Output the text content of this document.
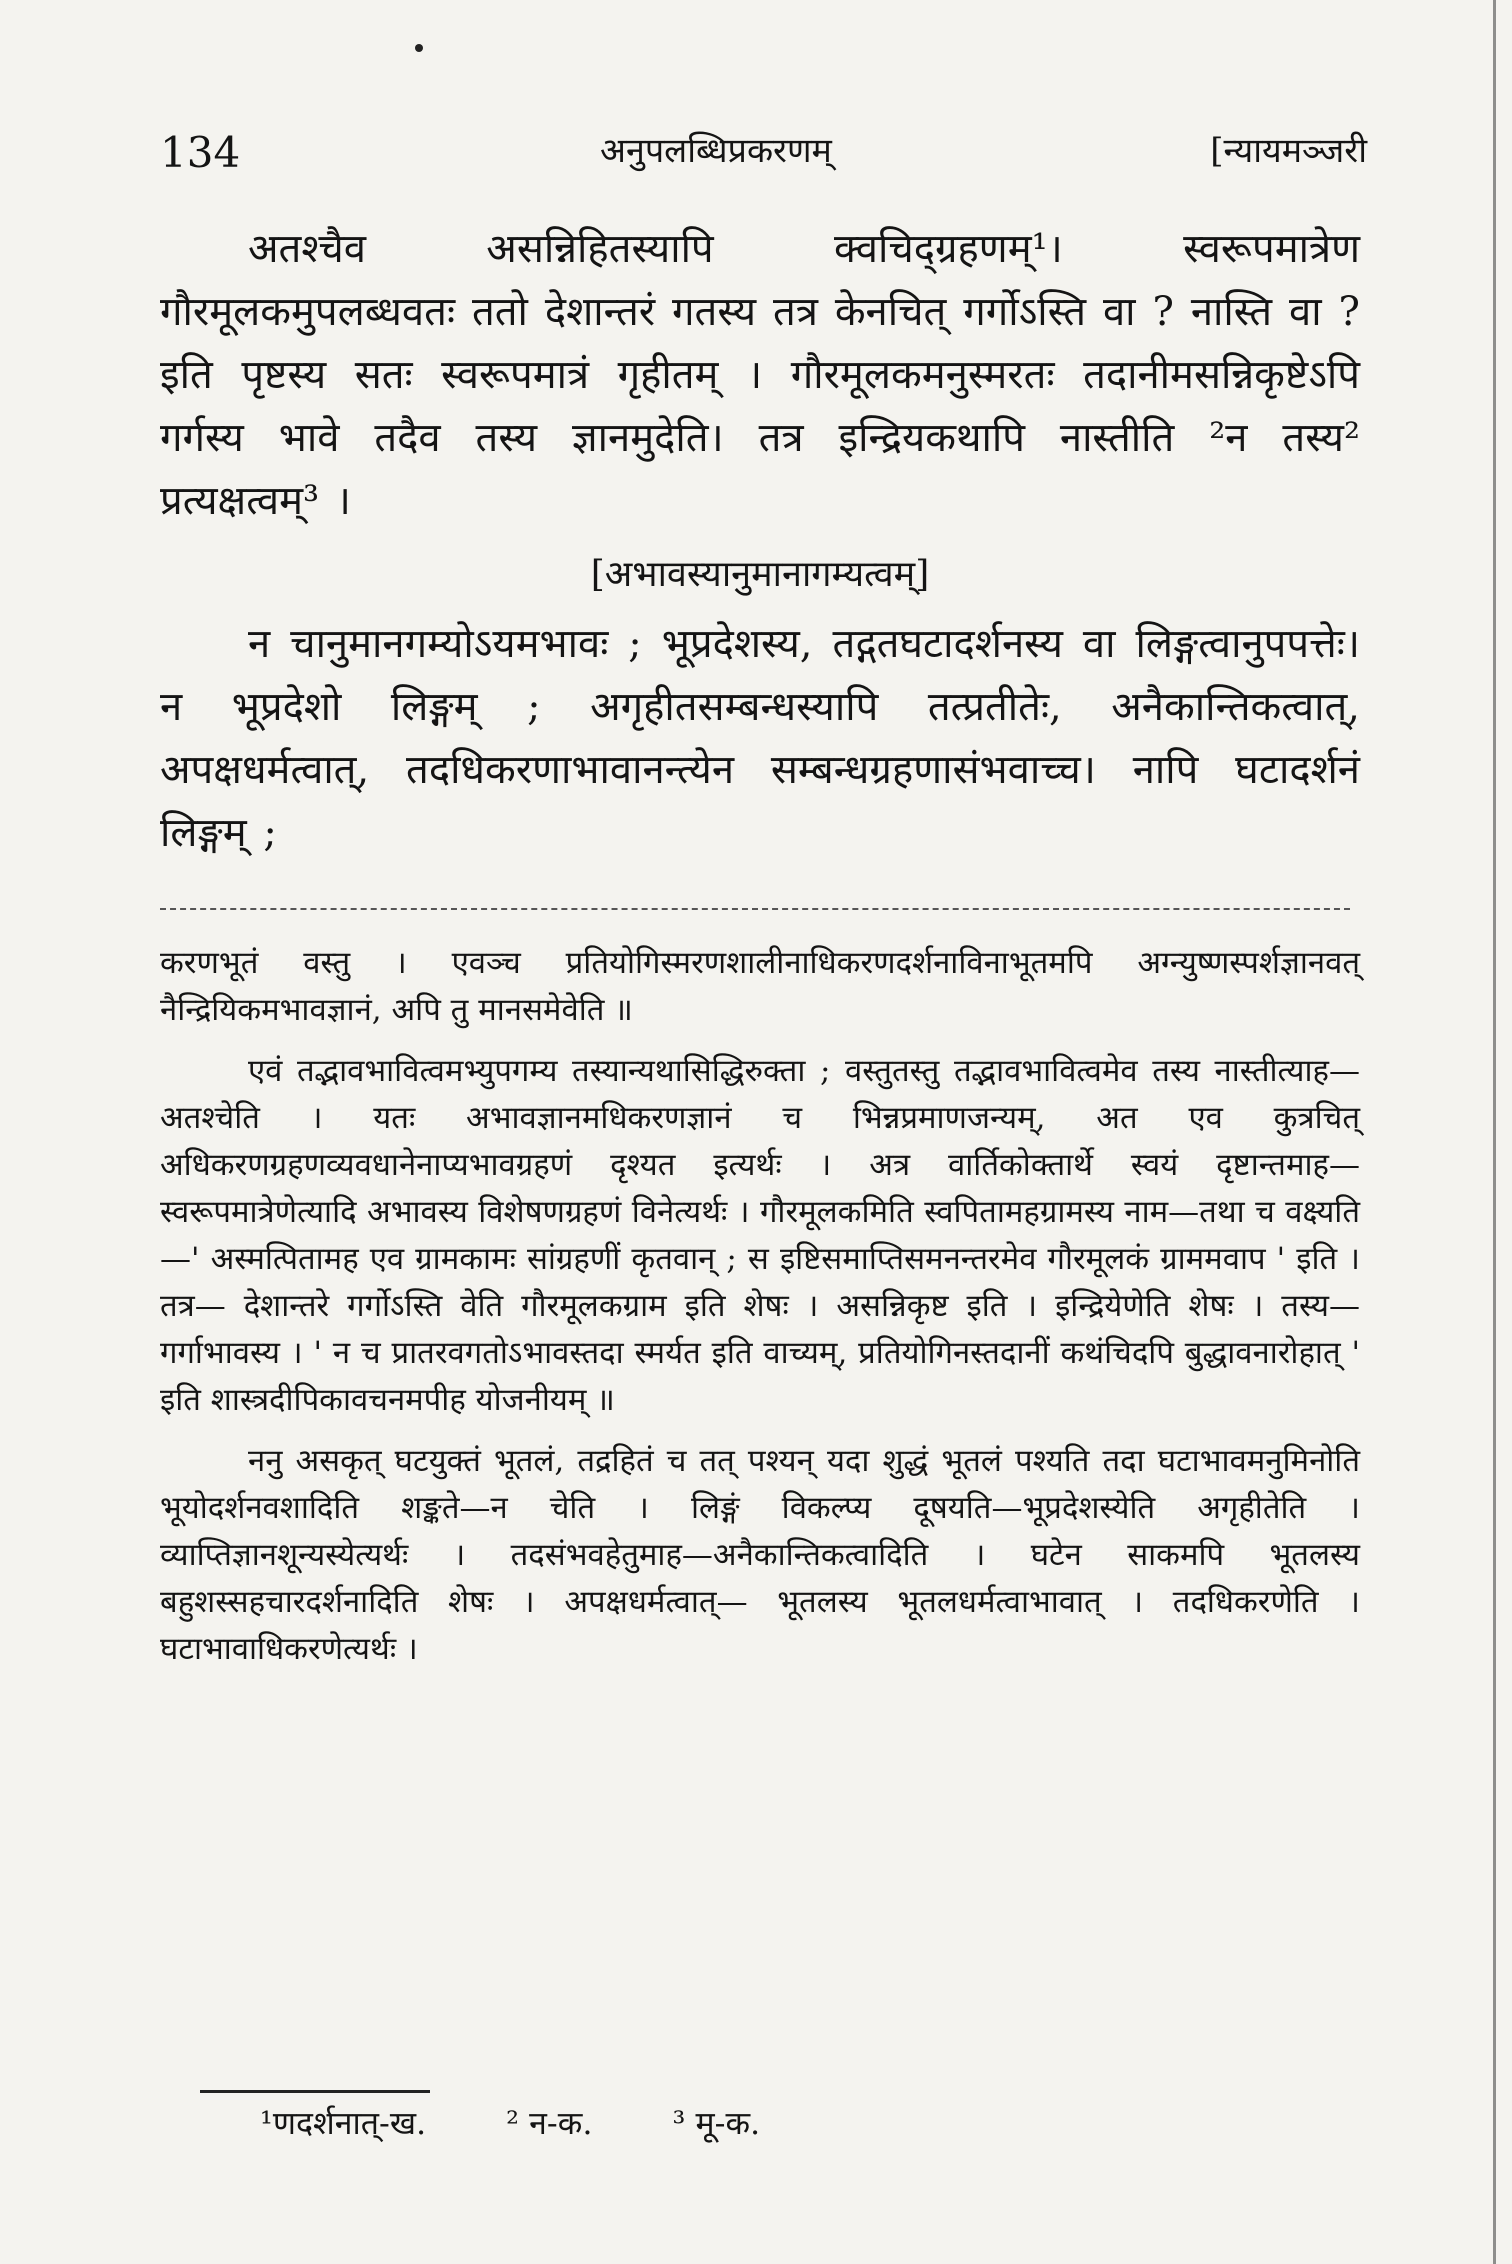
134	अनुपलब्धिप्रकरणम्	[न्यायमञ्जरी

अतश्चैव असन्निहितस्यापि क्वचिद्ग्रहणम्¹। स्वरूपमात्रेण गौरमूलकमुपलब्धवतः ततो देशान्तरं गतस्य तत्र केनचित् गर्गोऽस्ति वा ? नास्ति वा ? इति पृष्टस्य सतः स्वरूपमात्रं गृहीतम् । गौरमूलकमनुस्मरतः तदानीमसन्निकृष्टेऽपि गर्गस्य भावे तदैव तस्य ज्ञानमुदेति। तत्र इन्द्रियकथापि नास्तीति ²न तस्य² प्रत्यक्षत्वम्³ ।

[अभावस्यानुमानागम्यत्वम्]

न चानुमानगम्योऽयमभावः ; भूप्रदेशस्य, तद्गतघटादर्शनस्य वा लिङ्गत्वानुपपत्तेः। न भूप्रदेशो लिङ्गम् ; अगृहीतसम्बन्धस्यापि तत्प्रतीतेः, अनैकान्तिकत्वात्, अपक्षधर्मत्वात्, तदधिकरणाभावानन्त्येन सम्बन्धग्रहणासंभवाच्च। नापि घटादर्शनं लिङ्गम् ;

करणभूतं वस्तु । एवञ्च प्रतियोगिस्मरणशालीनाधिकरणदर्शनाविनाभूतमपि अग्न्युष्णस्पर्शज्ञानवत् नैन्द्रियिकमभावज्ञानं, अपि तु मानसमेवेति ॥

एवं तद्भावभावित्वमभ्युपगम्य तस्यान्यथासिद्धिरुक्ता ; वस्तुतस्तु तद्भावभावित्वमेव तस्य नास्तीत्याह— अतश्चेति । यतः अभावज्ञानमधिकरणज्ञानं च भिन्नप्रमाणजन्यम्, अत एव कुत्रचित् अधिकरणग्रहणव्यवधानेनाप्यभावग्रहणं दृश्यत इत्यर्थः । अत्र वार्तिकोक्तार्थे स्वयं दृष्टान्तमाह— स्वरूपमात्रेणेत्यादि अभावस्य विशेषणग्रहणं विनेत्यर्थः । गौरमूलकमिति स्वपितामहग्रामस्य नाम—तथा च वक्ष्यति—' अस्मत्पितामह एव ग्रामकामः सांग्रहणीं कृतवान् ; स इष्टिसमाप्तिसमनन्तरमेव गौरमूलकं ग्राममवाप ' इति । तत्र— देशान्तरे गर्गोऽस्ति वेति गौरमूलकग्राम इति शेषः । असन्निकृष्ट इति । इन्द्रियेणेति शेषः । तस्य— गर्गाभावस्य । ' न च प्रातरवगतोऽभावस्तदा स्मर्यत इति वाच्यम्, प्रतियोगिनस्तदानीं कथंचिदपि बुद्धावनारोहात् ' इति शास्त्रदीपिकावचनमपीह योजनीयम् ॥

ननु असकृत् घटयुक्तं भूतलं, तद्रहितं च तत् पश्यन् यदा शुद्धं भूतलं पश्यति तदा घटाभावमनुमिनोति भूयोदर्शनवशादिति शङ्कते—न चेति । लिङ्गं विकल्प्य दूषयति—भूप्रदेशस्येति अगृहीतेति । व्याप्तिज्ञानशून्यस्येत्यर्थः । तदसंभवहेतुमाह—अनैकान्तिकत्वादिति । घटेन साकमपि भूतलस्य बहुशस्सहचारदर्शनादिति शेषः । अपक्षधर्मत्वात्— भूतलस्य भूतलधर्मत्वाभावात् । तदधिकरणेति । घटाभावाधिकरणेत्यर्थः ।

¹णदर्शनात्-ख.	² न-क.	³ मू-क.
